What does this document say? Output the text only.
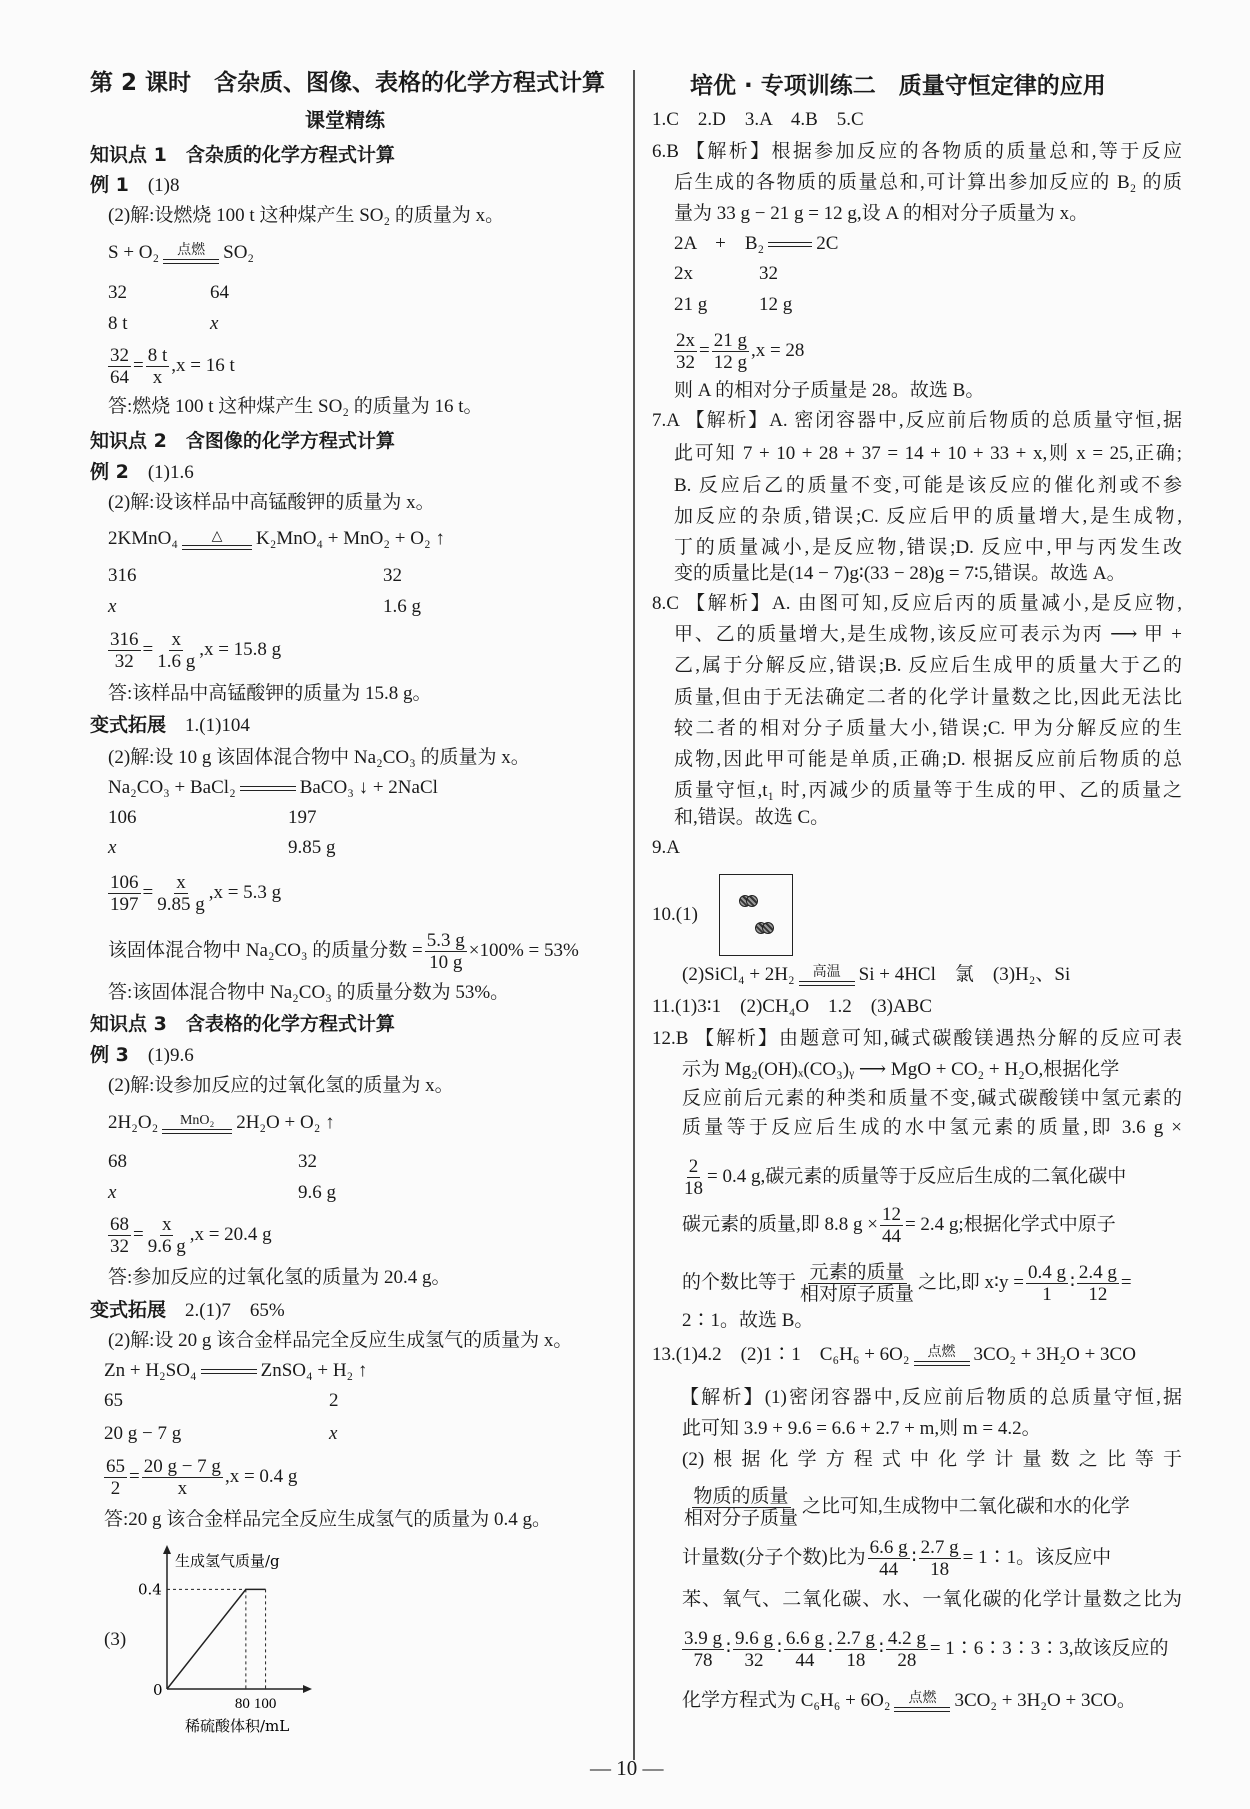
第 2 课时　含杂质、图像、表格的化学方程式计算
课堂精练
知识点 1　含杂质的化学方程式计算
例 1　 (1)8
(2)解:设燃烧 100 t 这种煤产生 SO₂ 的质量为 x。
S + O₂ 点燃 SO₂
32	64
8 t	x
$\frac{32}{64} = \frac{8 t}{x} ,x = 16$ t
答:燃烧 100 t 这种煤产生 SO₂ 的质量为 16 t。
知识点 2　含图像的化学方程式计算
例 2　 (1)1.6
(2)解:设该样品中高锰酸钾的质量为 x。
2KMnO₄ △ K₂MnO₄ + MnO₂ + O₂ ↑
316	32
x	1.6 g
$\frac{316}{32} = \frac{x}{1.6 g} ,x = 15.8$ g
答:该样品中高锰酸钾的质量为 15.8 g。
变式拓展　 1.(1)104
(2)解:设 10 g 该固体混合物中 Na₂CO₃ 的质量为 x。
Na₂CO₃ + BaCl₂	BaCO₃ ↓ + 2NaCl
106	197
x	9.85 g
$\frac{106}{197} = \frac{x}{9.85 g} ,x = 5.3$ g
该固体混合物中 Na₂CO₃ 的质量分数 = $\frac{5.3 g}{10 g} \times 100\% = 53\%$
答:该固体混合物中 Na₂CO₃ 的质量分数为 53%。
知识点 3　含表格的化学方程式计算
例 3　 (1)9.6
(2)解:设参加反应的过氧化氢的质量为 x。
2H₂O₂ MnO₂ 2H₂O + O₂ ↑
68	32
x	9.6 g
$\frac{68}{32} = \frac{x}{9.6 g} ,x = 20.4$ g
答:参加反应的过氧化氢的质量为 20.4 g。
变式拓展　 2.(1)7　65%
(2)解:设 20 g 该合金样品完全反应生成氢气的质量为 x。
Zn + H₂SO₄	ZnSO₄ + H₂ ↑
65	2
20 g − 7 g	x
$\frac{65}{2} = \frac{20 g - 7 g}{x} ,x = 0.4$ g
答:20 g 该合金样品完全反应生成氢气的质量为 0.4 g。
(3)
生成氢气质量/g
0
0.4
80 100
稀硫酸体积/mL
培优 · 专项训练二　质量守恒定律的应用
1.C　2.D　3.A　4.B　5.C
6.B 【解析】根据参加反应的各物质的质量总和,等于反应
后生成的各物质的质量总和,可计算出参加反应的 B₂ 的质
量为 33 g − 21 g = 12 g,设 A 的相对分子质量为 x。
2A　+　B₂	2C
2x	32
21 g	12 g
$\frac{2x}{32} = \frac{21 g}{12 g} ,x = 28$
则 A 的相对分子质量是 28。故选 B。
7.A 【解析】A. 密闭容器中,反应前后物质的总质量守恒,据
此可知 7 + 10 + 28 + 37 = 14 + 10 + 33 + x,则 x = 25,正确;
B. 反应后乙的质量不变,可能是该反应的催化剂或不参
加反应的杂质,错误;C. 反应后甲的质量增大,是生成物,
丁的质量减小,是反应物,错误;D. 反应中,甲与丙发生改
变的质量比是(14 − 7)g∶(33 − 28)g = 7∶5,错误。故选 A。
8.C 【解析】A. 由图可知,反应后丙的质量减小,是反应物,
甲、乙的质量增大,是生成物,该反应可表示为丙 ⟶ 甲 +
乙,属于分解反应,错误;B. 反应后生成甲的质量大于乙的
质量,但由于无法确定二者的化学计量数之比,因此无法比
较二者的相对分子质量大小,错误;C. 甲为分解反应的生
成物,因此甲可能是单质,正确;D. 根据反应前后物质的总
质量守恒,t₁ 时,丙减少的质量等于生成的甲、乙的质量之
和,错误。故选 C。
9.A
10.(1)
(2)SiCl₄ + 2H₂ 高温 Si + 4HCl　氯　(3)H₂、Si
11.(1)3∶1　(2)CH₄O　1.2　(3)ABC
12.B 【解析】由题意可知,碱式碳酸镁遇热分解的反应可表
示为 Mg₂(OH)ₓ(CO₃)ᵧ ⟶ MgO + CO₂ + H₂O,根据化学
反应前后元素的种类和质量不变,碱式碳酸镁中氢元素的
质量等于反应后生成的水中氢元素的质量,即 3.6 g ×
$\frac{2}{18} = 0.4$ g,碳元素的质量等于反应后生成的二氧化碳中
碳元素的质量,即 8.8 $g \times \frac{12}{44} = 2.4$ g;根据化学式中原子
的个数比等于 $\frac{\text{元素的质量}}{\text{相对原子质量}}$ 之比,即 x∶y = $\frac{0.4 g}{1}$ ∶ $\frac{2.4 g}{12}$ =
2∶1。故选 B。
13.(1)4.2　(2)1∶1　C₆H₆ + 6O₂ 点燃 3CO₂ + 3H₂O + 3CO
【解析】(1)密闭容器中,反应前后物质的总质量守恒,据
此可知 3.9 + 9.6 = 6.6 + 2.7 + m,则 m = 4.2。
(2)根据化学方程式中化学计量数之比等于
$\frac{\text{物质的质量}}{\text{相对分子质量}}$ 之比可知,生成物中二氧化碳和水的化学
计量数(分子个数)比为 $\frac{6.6 g}{44}$ ∶ $\frac{2.7 g}{18}$ = 1∶1。该反应中
苯、氧气、二氧化碳、水、一氧化碳的化学计量数之比为
$\frac{3.9 g}{78}$ ∶ $\frac{9.6 g}{32}$ ∶ $\frac{6.6 g}{44}$ ∶ $\frac{2.7 g}{18}$ ∶ $\frac{4.2 g}{28}$ = 1∶6∶3∶3∶3,故该反应的
化学方程式为 C₆H₆ + 6O₂ 点燃 3CO₂ + 3H₂O + 3CO。
— 10 —
